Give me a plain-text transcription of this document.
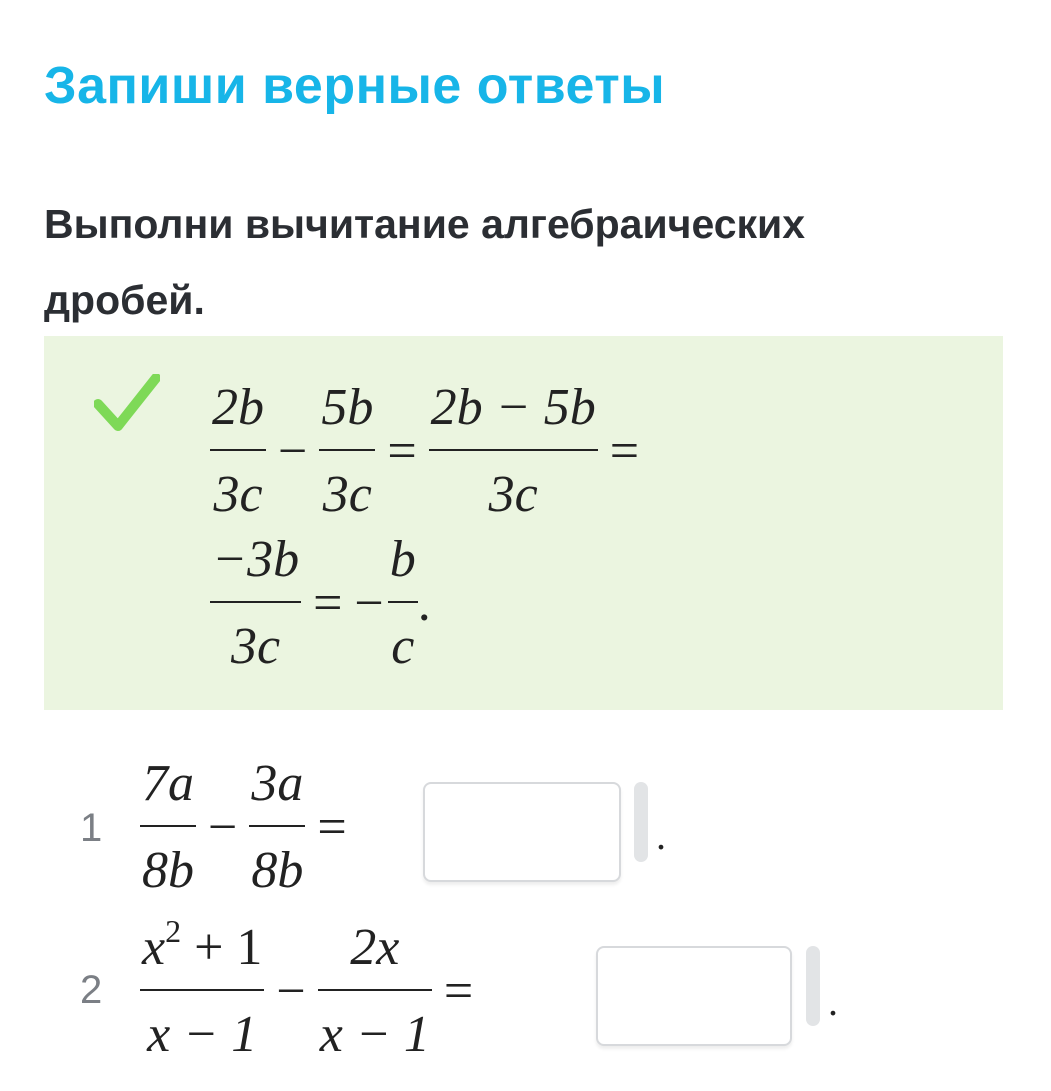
Запиши верные ответы

Выполни вычитание алгебраических дробей.

$\frac{2b}{3c} - \frac{5b}{3c} = \frac{2b - 5b}{3c}$ =
$\frac{-3b}{3c}$ = − $\frac{b}{c}$ .
$1 \frac{7a}{8b} - \frac{3a}{8b}$ =	.
$2 \frac{x^2 + 1}{x - 1} - \frac{2x}{x - 1}$ =	.
